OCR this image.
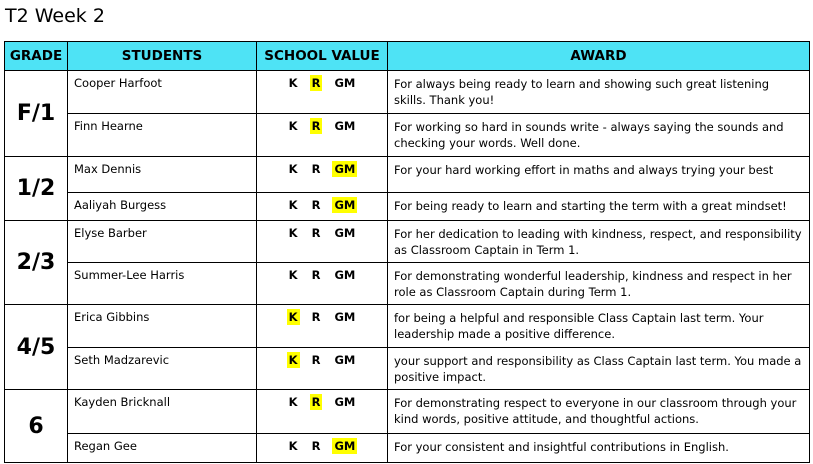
T2 Week 2
GRADE	STUDENTS	SCHOOL VALUE	AWARD
F/1	Cooper Harfoot	K R GM	For always being ready to learn and showing such great listening skills. Thank you!
	Finn Hearne	K R GM	For working so hard in sounds write - always saying the sounds and checking your words. Well done.
1/2	Max Dennis	K R GM	For your hard working effort in maths and always trying your best
	Aaliyah Burgess	K R GM	For being ready to learn and starting the term with a great mindset!
2/3	Elyse Barber	K R GM	For her dedication to leading with kindness, respect, and responsibility as Classroom Captain in Term 1.
	Summer-Lee Harris	K R GM	For demonstrating wonderful leadership, kindness and respect in her role as Classroom Captain during Term 1.
4/5	Erica Gibbins	K R GM	for being a helpful and responsible Class Captain last term. Your leadership made a positive difference.
	Seth Madzarevic	K R GM	your support and responsibility as Class Captain last term. You made a positive impact.
6	Kayden Bricknall	K R GM	For demonstrating respect to everyone in our classroom through your kind words, positive attitude, and thoughtful actions.
	Regan Gee	K R GM	For your consistent and insightful contributions in English.
